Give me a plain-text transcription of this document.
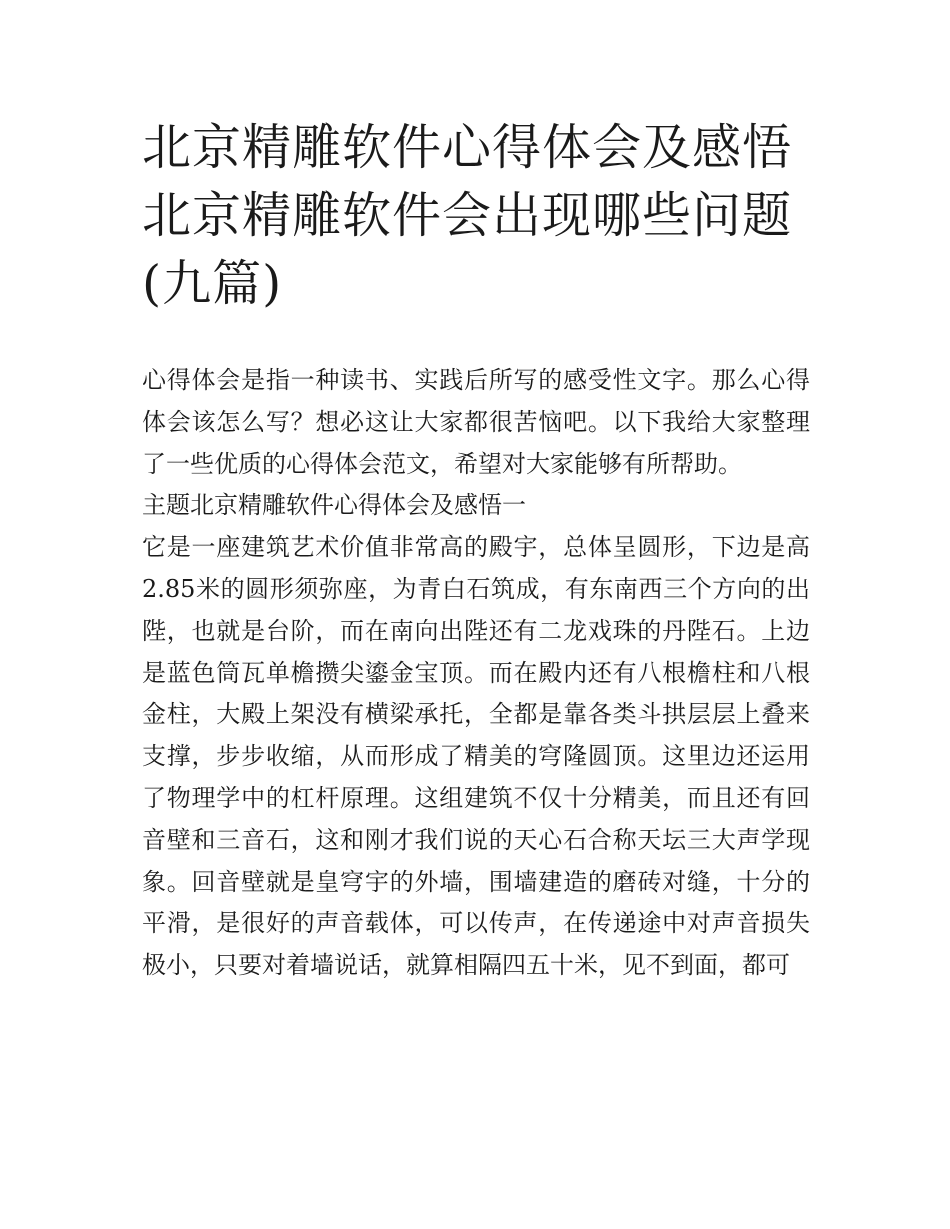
北京精雕软件心得体会及感悟 北京精雕软件会出现哪些问题(九篇)

心得体会是指一种读书、实践后所写的感受性文字。那么心得体会该怎么写？想必这让大家都很苦恼吧。以下我给大家整理了一些优质的心得体会范文，希望对大家能够有所帮助。

主题北京精雕软件心得体会及感悟一

它是一座建筑艺术价值非常高的殿宇，总体呈圆形，下边是高2.85米的圆形须弥座，为青白石筑成，有东南西三个方向的出陛，也就是台阶，而在南向出陛还有二龙戏珠的丹陛石。上边是蓝色筒瓦单檐攒尖鎏金宝顶。而在殿内还有八根檐柱和八根金柱，大殿上架没有横梁承托，全都是靠各类斗拱层层上叠来支撑，步步收缩，从而形成了精美的穹隆圆顶。这里边还运用了物理学中的杠杆原理。这组建筑不仅十分精美，而且还有回音壁和三音石，这和刚才我们说的天心石合称天坛三大声学现象。回音壁就是皇穹宇的外墙，围墙建造的磨砖对缝，十分的平滑，是很好的声音载体，可以传声，在传递途中对声音损失极小，只要对着墙说话，就算相隔四五十米，见不到面，都可
